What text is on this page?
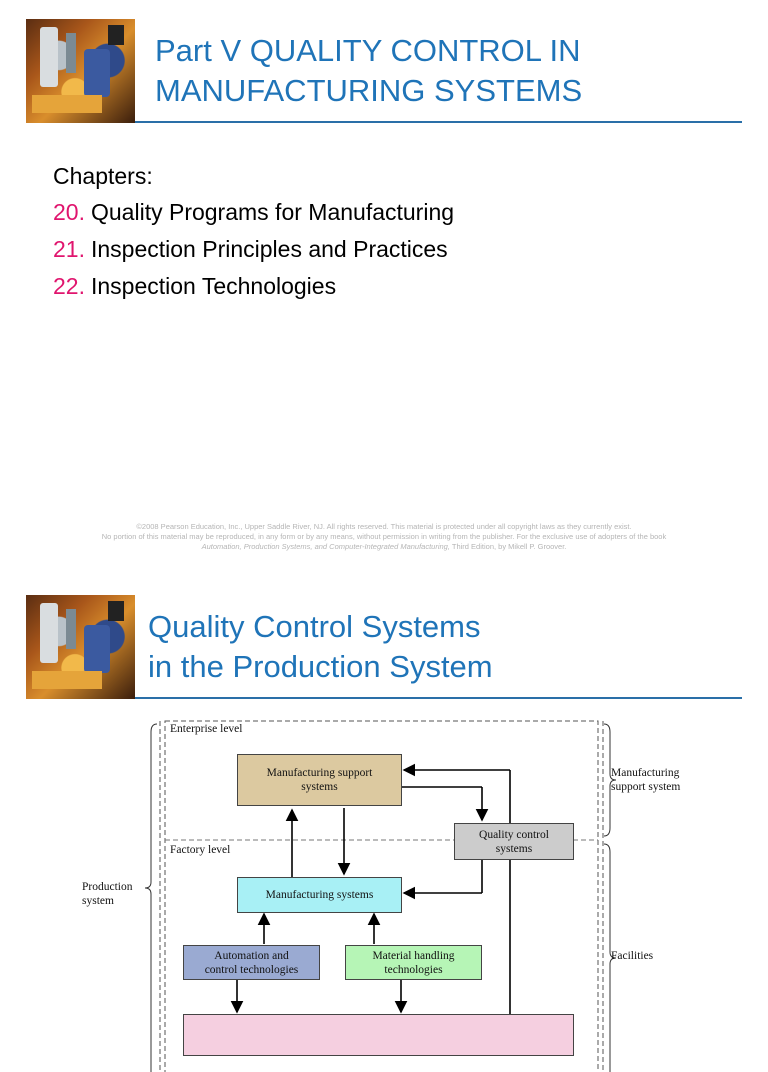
Part V QUALITY CONTROL IN
MANUFACTURING SYSTEMS
Chapters:
20. Quality Programs for Manufacturing
21. Inspection Principles and Practices
22. Inspection Technologies
©2008 Pearson Education, Inc., Upper Saddle River, NJ. All rights reserved. This material is protected under all copyright laws as they currently exist.
No portion of this material may be reproduced, in any form or by any means, without permission in writing from the publisher. For the exclusive use of adopters of the book
Automation, Production Systems, and Computer-Integrated Manufacturing, Third Edition, by Mikell P. Groover.
Quality Control Systems
in the Production System
Enterprise level
Factory level
Manufacturing support
systems
Quality control
systems
Manufacturing systems
Automation and
control technologies
Material handling
technologies
Manufacturing
support system
Facilities
Production
system
